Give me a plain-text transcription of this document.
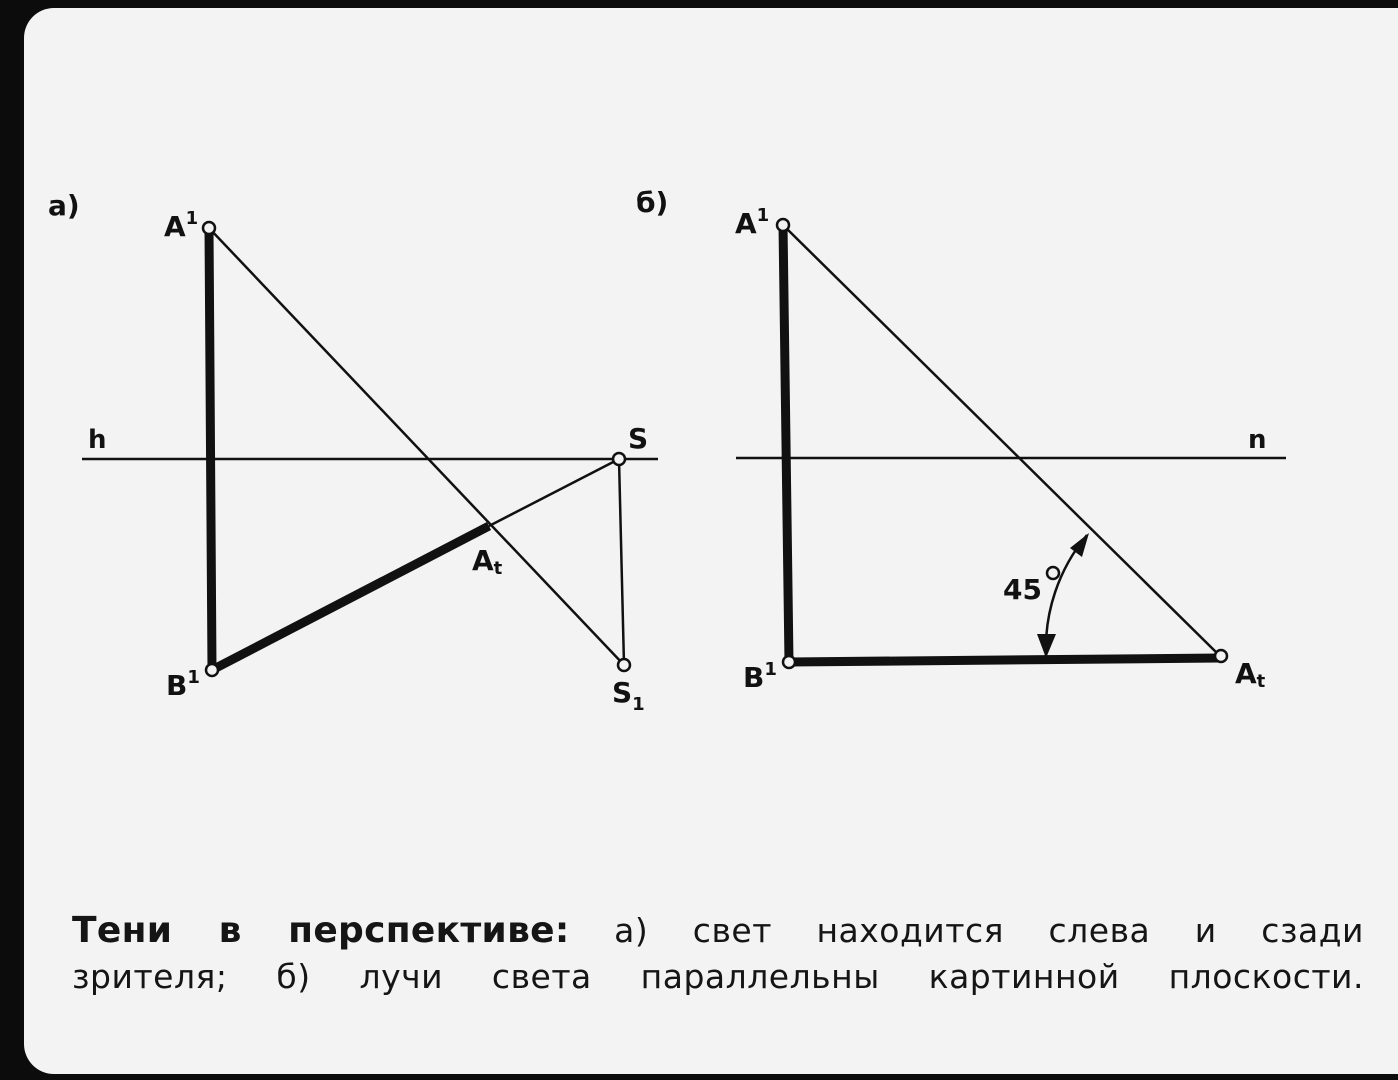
а)
h
$A^1$
$B^1$
S
$S_1$
At
б)
n
$A^1$
$B^1$	At
45
Тени в перспективе: а) свет находится слева и сзади
зрителя; б) лучи света параллельны картинной плоскости.
